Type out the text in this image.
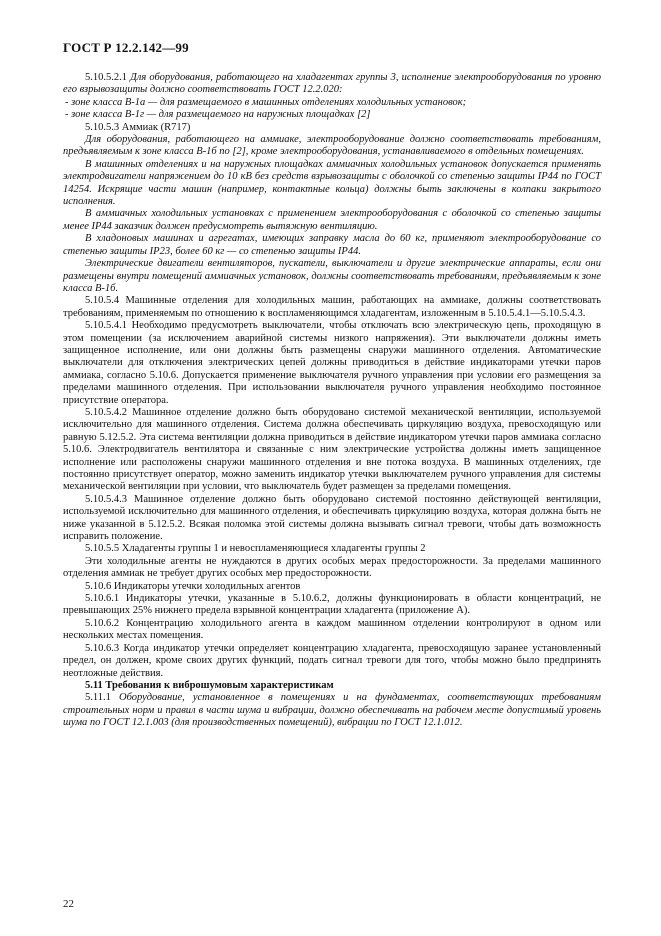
ГОСТ Р 12.2.142—99

5.10.5.2.1 Для оборудования, работающего на хладагентах группы 3, исполнение электрооборудования по уровню его взрывозащиты должно соответствовать ГОСТ 12.2.020:

- зоне класса В-1а — для размещаемого в машинных отделениях холодильных установок;

- зоне класса В-1г — для размещаемого на наружных площадках [2]

5.10.5.3 Аммиак (R717)

Для оборудования, работающего на аммиаке, электрооборудование должно соответствовать требованиям, предъявляемым к зоне класса В-1б по [2], кроме электрооборудования, устанавливаемого в отдельных помещениях.

В машинных отделениях и на наружных площадках аммиачных холодильных установок допускается применять электродвигатели напряжением до 10 кВ без средств взрывозащиты с оболочкой со степенью защиты IP44 по ГОСТ 14254. Искрящие части машин (например, контактные кольца) должны быть заключены в колпаки закрытого исполнения.

В аммиачных холодильных установках с применением электрооборудования с оболочкой со степенью защиты менее IP44 заказчик должен предусмотреть вытяжную вентиляцию.

В хладоновых машинах и агрегатах, имеющих заправку масла до 60 кг, применяют электрооборудование со степенью защиты IP23, более 60 кг — со степенью защиты IP44.

Электрические двигатели вентиляторов, пускатели, выключатели и другие электрические аппараты, если они размещены внутри помещений аммиачных установок, должны соответствовать требованиям, предъявляемым к зоне класса В-1б.

5.10.5.4 Машинные отделения для холодильных машин, работающих на аммиаке, должны соответствовать требованиям, применяемым по отношению к воспламеняющимся хладагентам, изложенным в 5.10.5.4.1—5.10.5.4.3.

5.10.5.4.1 Необходимо предусмотреть выключатели, чтобы отключать всю электрическую цепь, проходящую в этом помещении (за исключением аварийной системы низкого напряжения). Эти выключатели должны иметь защищенное исполнение, или они должны быть размещены снаружи машинного отделения. Автоматические выключатели для отключения электрических цепей должны приводиться в действие индикаторами утечки паров аммиака, согласно 5.10.6. Допускается применение выключателя ручного управления при условии его размещения за пределами машинного отделения. При использовании выключателя ручного управления необходимо постоянное присутствие оператора.

5.10.5.4.2 Машинное отделение должно быть оборудовано системой механической вентиляции, используемой исключительно для машинного отделения. Система должна обеспечивать циркуляцию воздуха, превосходящую или равную 5.12.5.2. Эта система вентиляции должна приводиться в действие индикатором утечки паров аммиака согласно 5.10.6. Электродвигатель вентилятора и связанные с ним электрические устройства должны иметь защищенное исполнение или расположены снаружи машинного отделения и вне потока воздуха. В машинных отделениях, где постоянно присутствует оператор, можно заменить индикатор утечки выключателем ручного управления для системы механической вентиляции при условии, что выключатель будет размещен за пределами помещения.

5.10.5.4.3 Машинное отделение должно быть оборудовано системой постоянно действующей вентиляции, используемой исключительно для машинного отделения, и обеспечивать циркуляцию воздуха, которая должна быть не ниже указанной в 5.12.5.2. Всякая поломка этой системы должна вызывать сигнал тревоги, чтобы дать возможность исправить положение.

5.10.5.5 Хладагенты группы 1 и невоспламеняющиеся хладагенты группы 2

Эти холодильные агенты не нуждаются в других особых мерах предосторожности. За пределами машинного отделения аммиак не требует других особых мер предосторожности.

5.10.6 Индикаторы утечки холодильных агентов

5.10.6.1 Индикаторы утечки, указанные в 5.10.6.2, должны функционировать в области концентраций, не превышающих 25% нижнего предела взрывной концентрации хладагента (приложение А).

5.10.6.2 Концентрацию холодильного агента в каждом машинном отделении контролируют в одном или нескольких местах помещения.

5.10.6.3 Когда индикатор утечки определяет концентрацию хладагента, превосходящую заранее установленный предел, он должен, кроме своих других функций, подать сигнал тревоги для того, чтобы можно было предпринять неотложные действия.

5.11 Требования к виброшумовым характеристикам

5.11.1 Оборудование, установленное в помещениях и на фундаментах, соответствующих требованиям строительных норм и правил в части шума и вибрации, должно обеспечивать на рабочем месте допустимый уровень шума по ГОСТ 12.1.003 (для производственных помещений), вибрации по ГОСТ 12.1.012.

22
